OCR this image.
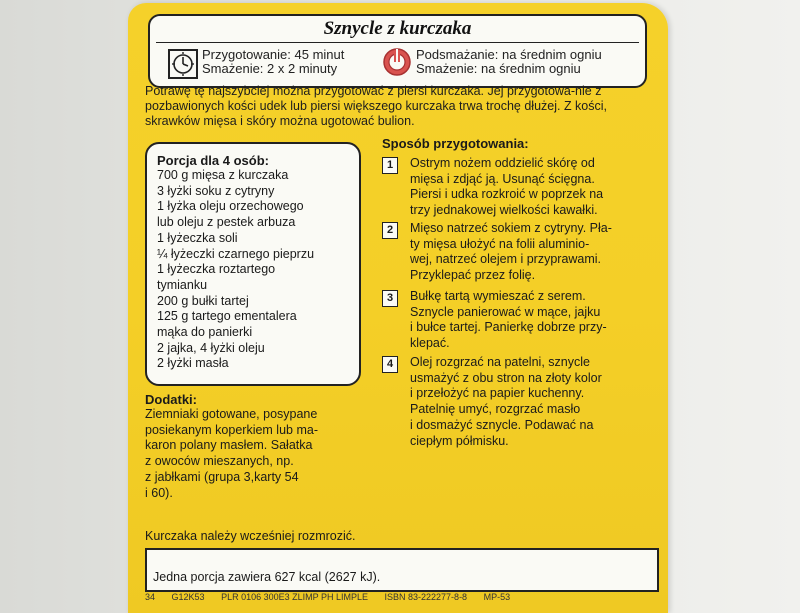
Sznycle z kurczaka
Przygotowanie: 45 minut
Smażenie: 2 x 2 minuty
Podsmażanie: na średnim ogniu
Smażenie: na średnim ogniu
Potrawę tę najszybciej można przygotować z piersi kurczaka. Jej przygotowa-nie z pozbawionych kości udek lub piersi większego kurczaka trwa trochę dłużej. Z kości, skrawków mięsa i skóry można ugotować bulion.
Porcja dla 4 osób:
700 g mięsa z kurczaka
3 łyżki soku z cytryny
1 łyżka oleju orzechowego
lub oleju z pestek arbuza
1 łyżeczka soli
¼ łyżeczki czarnego pieprzu
1 łyżeczka roztartego
tymianku
200 g bułki tartej
125 g tartego ementalera
mąka do panierki
2 jajka, 4 łyżki oleju
2 łyżki masła
Dodatki:
Ziemniaki gotowane, posypane
posiekanym koperkiem lub ma-
karon polany masłem. Sałatka
z owoców mieszanych, np.
z jabłkami (grupa 3,karty 54
i 60).
Sposób przygotowania:
1	Ostrym nożem oddzielić skórę od
mięsa i zdjąć ją. Usunąć ścięgna.
Piersi i udka rozkroić w poprzek na
trzy jednakowej wielkości kawałki.
2	Mięso natrzeć sokiem z cytryny. Pła-
ty mięsa ułożyć na folii aluminio-
wej, natrzeć olejem i przyprawami.
Przyklepać przez folię.
3	Bułkę tartą wymieszać z serem.
Sznycle panierować w mące, jajku
i bułce tartej. Panierkę dobrze przy-
klepać.
4	Olej rozgrzać na patelni, sznycle
usmażyć z obu stron na złoty kolor
i przełożyć na papier kuchenny.
Patelnię umyć, rozgrzać masło
i dosmażyć sznycle. Podawać na
ciepłym półmisku.
Kurczaka należy wcześniej rozmrozić.
Jedna porcja zawiera 627 kcal (2627 kJ).
34 G12K53 PLR 0106 300E3 ZLIMP PH LIMPLE ISBN 83-222277-8-8 MP-53
